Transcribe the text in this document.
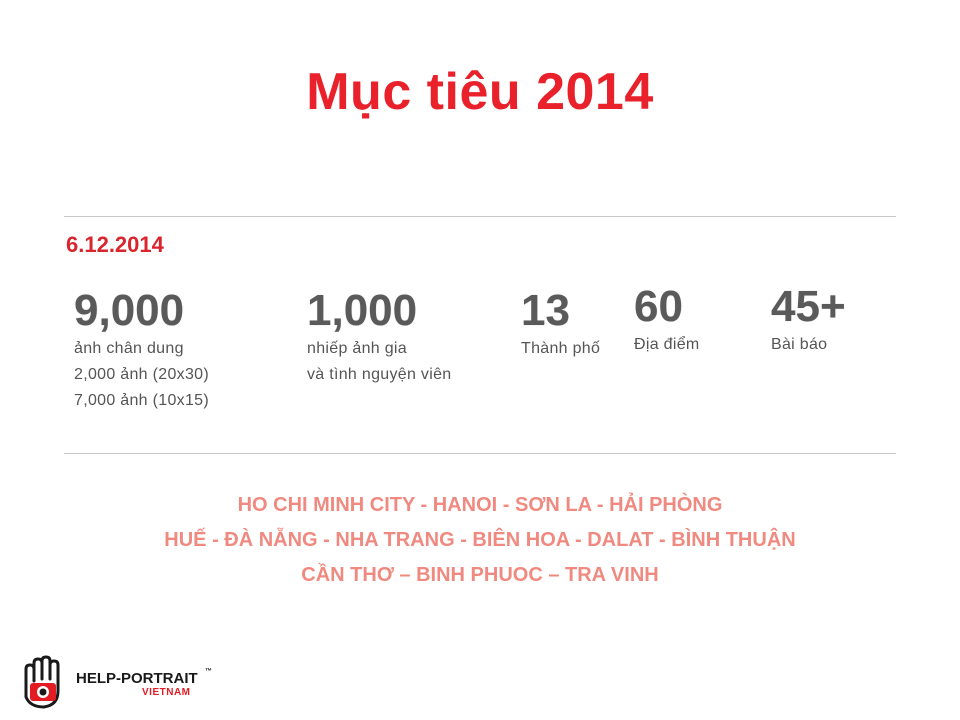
Mục tiêu 2014
6.12.2014
9,000
ảnh chân dung
2,000 ảnh (20x30)
7,000 ảnh (10x15)
1,000
nhiếp ảnh gia
và tình nguyện viên
13
Thành phố
60
Địa điểm
45+
Bài báo
HO CHI MINH CITY - HANOI - SƠN LA - HẢI PHÒNG
HUẾ - ĐÀ NẴNG - NHA TRANG - BIÊN HOA - DALAT - BÌNH THUẬN
CẦN THƠ – BINH PHUOC – TRA VINH
HELP-PORTRAIT ™
VIETNAM
